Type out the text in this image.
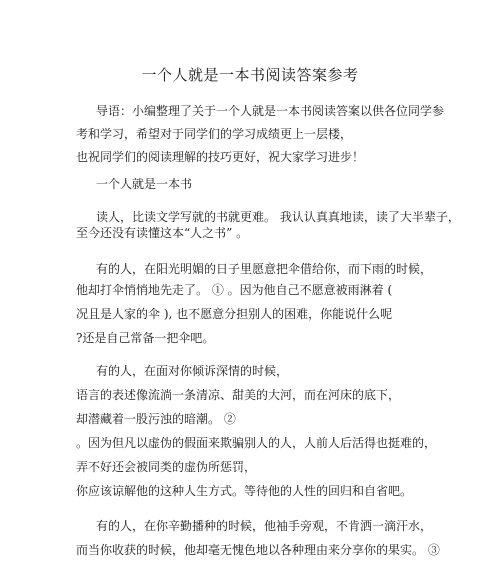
一个人就是一本书阅读答案参考
导语：小编整理了关于一个人就是一本书阅读答案以供各位同学参
考和学习，希望对于同学们的学习成绩更上一层楼，
也祝同学们的阅读理解的技巧更好，祝大家学习进步！
一个人就是一本书
读人，比读文学写就的书就更难。 我认认真真地读，读了大半辈子，
至今还没有读懂这本“人之书” 。
有的人，在阳光明媚的日子里愿意把伞借给你，而下雨的时候，
他却打伞悄悄地先走了。 ① 。因为他自己不愿意被雨淋着 (
况且是人家的伞 ), 也不愿意分担别人的困难，你能说什么呢
?还是自己常备一把伞吧。
有的人，在面对你倾诉深情的时候，
语言的表述像流淌一条清凉、甜美的大河，而在河床的底下，
却潜藏着一股污浊的暗潮。 ②
。因为但凡以虚伪的假面来欺骗别人的人，人前人后活得也挺难的，
弄不好还会被同类的虚伪所惩罚，
你应该谅解他的这种人生方式。等待他的人性的回归和自省吧。
有的人，在你辛勤播种的时候，他袖手旁观，不肯洒一滴汗水，
而当你收获的时候，他却毫无愧色地以各种理由来分享你的果实。 ③
